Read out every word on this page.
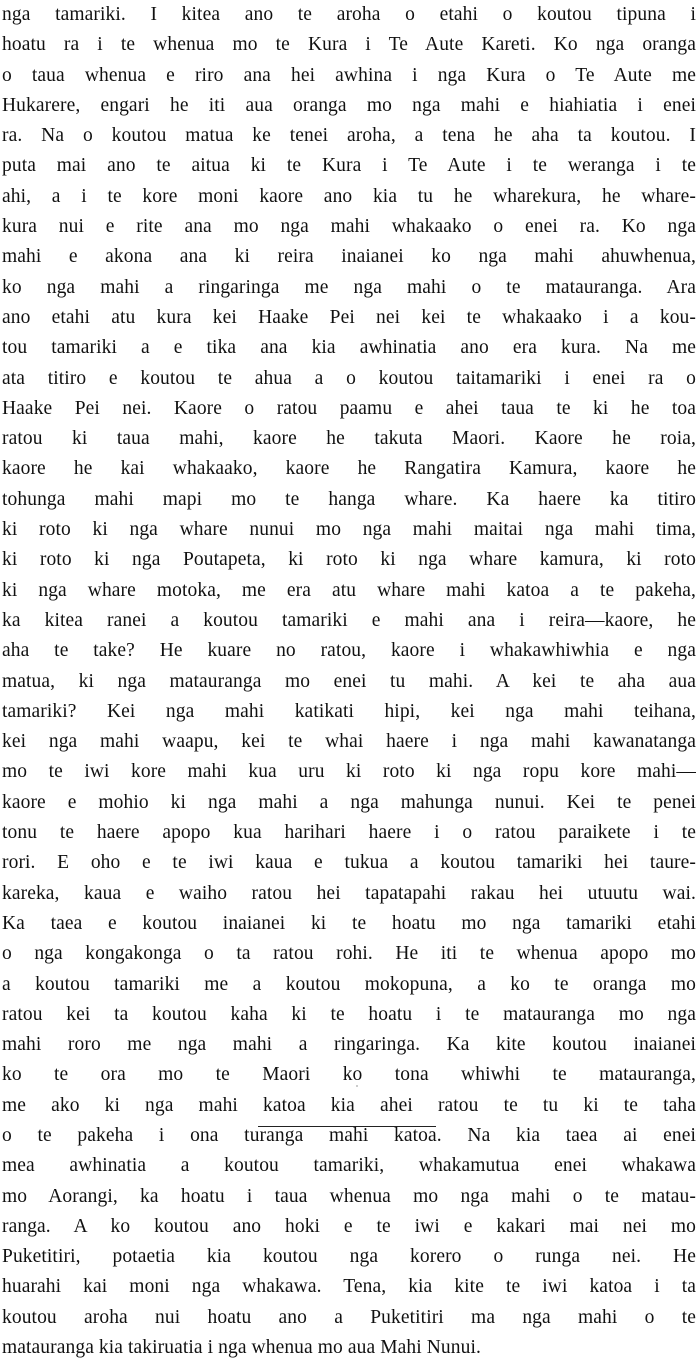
nga tamariki. I kitea ano te aroha o etahi o koutou tipuna i
hoatu ra i te whenua mo te Kura i Te Aute Kareti. Ko nga oranga
o taua whenua e riro ana hei awhina i nga Kura o Te Aute me
Hukarere, engari he iti aua oranga mo nga mahi e hiahiatia i enei
ra. Na o koutou matua ke tenei aroha, a tena he aha ta koutou. I
puta mai ano te aitua ki te Kura i Te Aute i te weranga i te
ahi, a i te kore moni kaore ano kia tu he wharekura, he whare-
kura nui e rite ana mo nga mahi whakaako o enei ra. Ko nga
mahi e akona ana ki reira inaianei ko nga mahi ahuwhenua,
ko nga mahi a ringaringa me nga mahi o te matauranga. Ara
ano etahi atu kura kei Haake Pei nei kei te whakaako i a kou-
tou tamariki a e tika ana kia awhinatia ano era kura. Na me
ata titiro e koutou te ahua a o koutou taitamariki i enei ra o
Haake Pei nei. Kaore o ratou paamu e ahei taua te ki he toa
ratou ki taua mahi, kaore he takuta Maori. Kaore he roia,
kaore he kai whakaako, kaore he Rangatira Kamura, kaore he
tohunga mahi mapi mo te hanga whare. Ka haere ka titiro
ki roto ki nga whare nunui mo nga mahi maitai nga mahi tima,
ki roto ki nga Poutapeta, ki roto ki nga whare kamura, ki roto
ki nga whare motoka, me era atu whare mahi katoa a te pakeha,
ka kitea ranei a koutou tamariki e mahi ana i reira—kaore, he
aha te take? He kuare no ratou, kaore i whakawhiwhia e nga
matua, ki nga matauranga mo enei tu mahi. A kei te aha aua
tamariki? Kei nga mahi katikati hipi, kei nga mahi teihana,
kei nga mahi waapu, kei te whai haere i nga mahi kawanatanga
mo te iwi kore mahi kua uru ki roto ki nga ropu kore mahi—
kaore e mohio ki nga mahi a nga mahunga nunui. Kei te penei
tonu te haere apopo kua harihari haere i o ratou paraikete i te
rori. E oho e te iwi kaua e tukua a koutou tamariki hei taure-
kareka, kaua e waiho ratou hei tapatapahi rakau hei utuutu wai.
Ka taea e koutou inaianei ki te hoatu mo nga tamariki etahi
o nga kongakonga o ta ratou rohi. He iti te whenua apopo mo
a koutou tamariki me a koutou mokopuna, a ko te oranga mo
ratou kei ta koutou kaha ki te hoatu i te matauranga mo nga
mahi roro me nga mahi a ringaringa. Ka kite koutou inaianei
ko te ora mo te Maori ko tona whiwhi te matauranga,
me ako ki nga mahi katoa kia ahei ratou te tu ki te taha
o te pakeha i ona turanga mahi katoa. Na kia taea ai enei
mea awhinatia a koutou tamariki, whakamutua enei whakawa
mo Aorangi, ka hoatu i taua whenua mo nga mahi o te matau-
ranga. A ko koutou ano hoki e te iwi e kakari mai nei mo
Puketitiri, potaetia kia koutou nga korero o runga nei. He
huarahi kai moni nga whakawa. Tena, kia kite te iwi katoa i ta
koutou aroha nui hoatu ano a Puketitiri ma nga mahi o te
matauranga kia takiruatia i nga whenua mo aua Mahi Nunui.
